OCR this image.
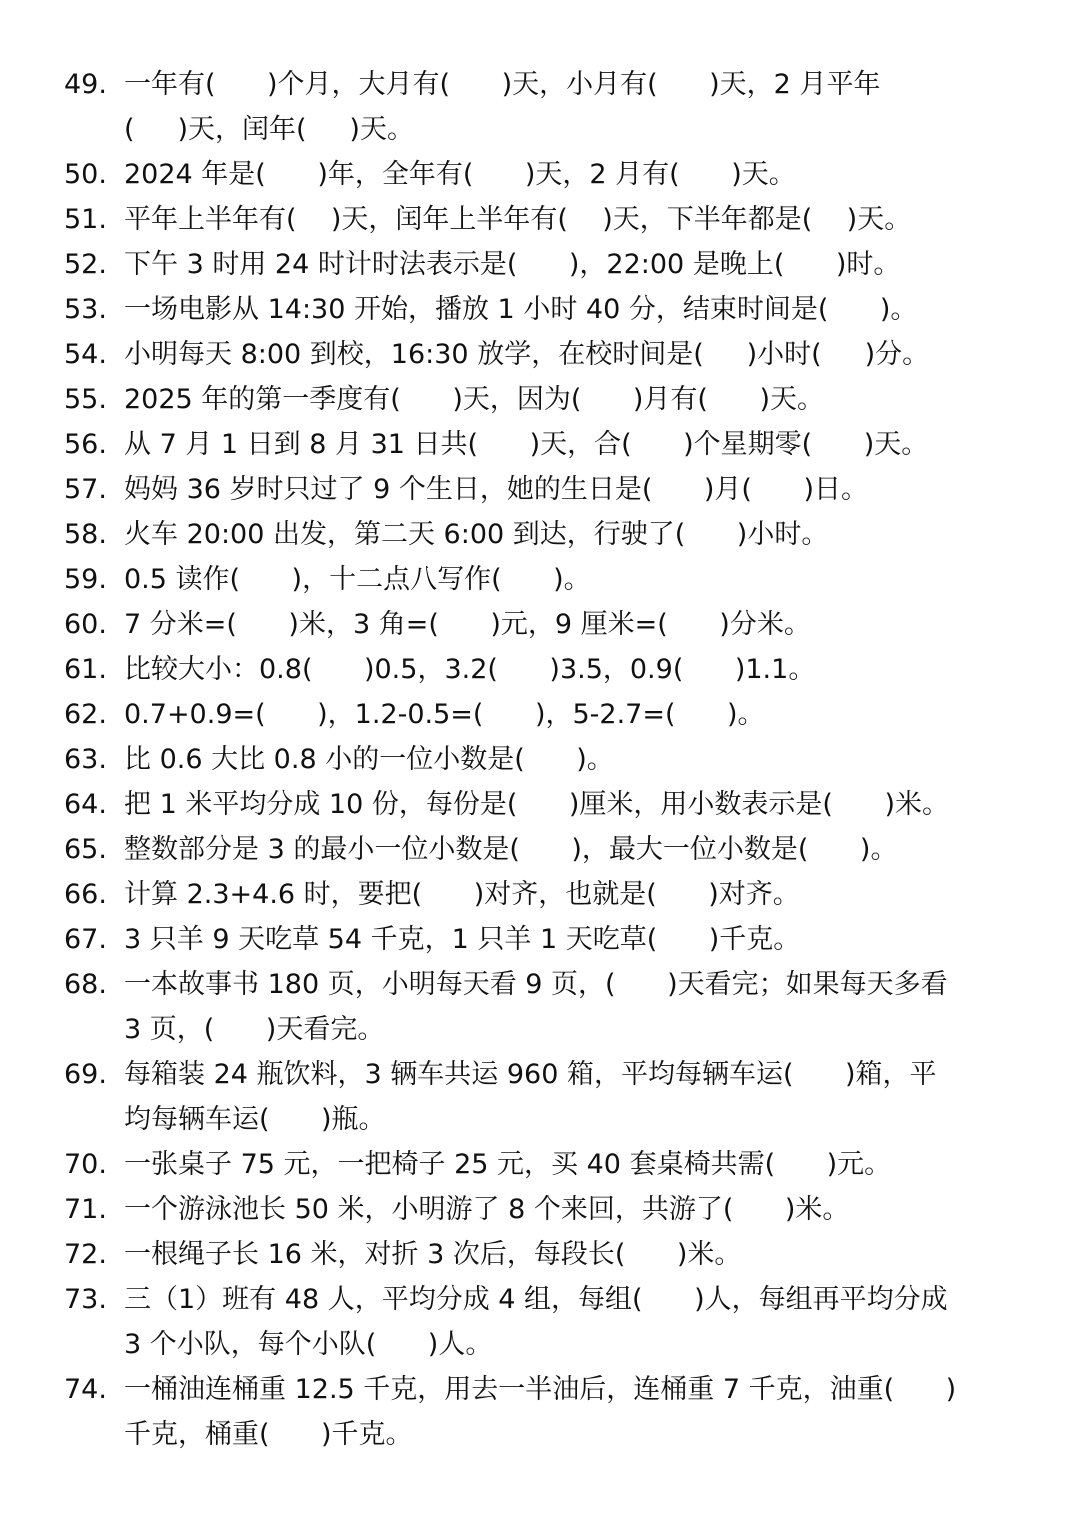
49. 一年有(      )个月，大月有(      )天，小月有(      )天，2 月平年
(     )天，闰年(     )天。
50. 2024 年是(      )年，全年有(      )天，2 月有(      )天。
51. 平年上半年有(    )天，闰年上半年有(    )天，下半年都是(    )天。
52. 下午 3 时用 24 时计时法表示是(      )，22:00 是晚上(      )时。
53. 一场电影从 14:30 开始，播放 1 小时 40 分，结束时间是(      )。
54. 小明每天 8:00 到校，16:30 放学，在校时间是(     )小时(     )分。
55. 2025 年的第一季度有(      )天，因为(      )月有(      )天。
56. 从 7 月 1 日到 8 月 31 日共(      )天，合(      )个星期零(      )天。
57. 妈妈 36 岁时只过了 9 个生日，她的生日是(      )月(      )日。
58. 火车 20:00 出发，第二天 6:00 到达，行驶了(      )小时。
59. 0.5 读作(      )，十二点八写作(      )。
60. 7 分米=(      )米，3 角=(      )元，9 厘米=(      )分米。
61. 比较大小：0.8(      )0.5，3.2(      )3.5，0.9(      )1.1。
62. 0.7+0.9=(      )，1.2-0.5=(      )，5-2.7=(      )。
63. 比 0.6 大比 0.8 小的一位小数是(      )。
64. 把 1 米平均分成 10 份，每份是(      )厘米，用小数表示是(      )米。
65. 整数部分是 3 的最小一位小数是(      )，最大一位小数是(      )。
66. 计算 2.3+4.6 时，要把(      )对齐，也就是(      )对齐。
67. 3 只羊 9 天吃草 54 千克，1 只羊 1 天吃草(      )千克。
68. 一本故事书 180 页，小明每天看 9 页，(      )天看完；如果每天多看
3 页，(      )天看完。
69. 每箱装 24 瓶饮料，3 辆车共运 960 箱，平均每辆车运(      )箱，平
均每辆车运(      )瓶。
70. 一张桌子 75 元，一把椅子 25 元，买 40 套桌椅共需(      )元。
71. 一个游泳池长 50 米，小明游了 8 个来回，共游了(      )米。
72. 一根绳子长 16 米，对折 3 次后，每段长(      )米。
73. 三（1）班有 48 人，平均分成 4 组，每组(      )人，每组再平均分成
3 个小队，每个小队(      )人。
74. 一桶油连桶重 12.5 千克，用去一半油后，连桶重 7 千克，油重(      )
千克，桶重(      )千克。
